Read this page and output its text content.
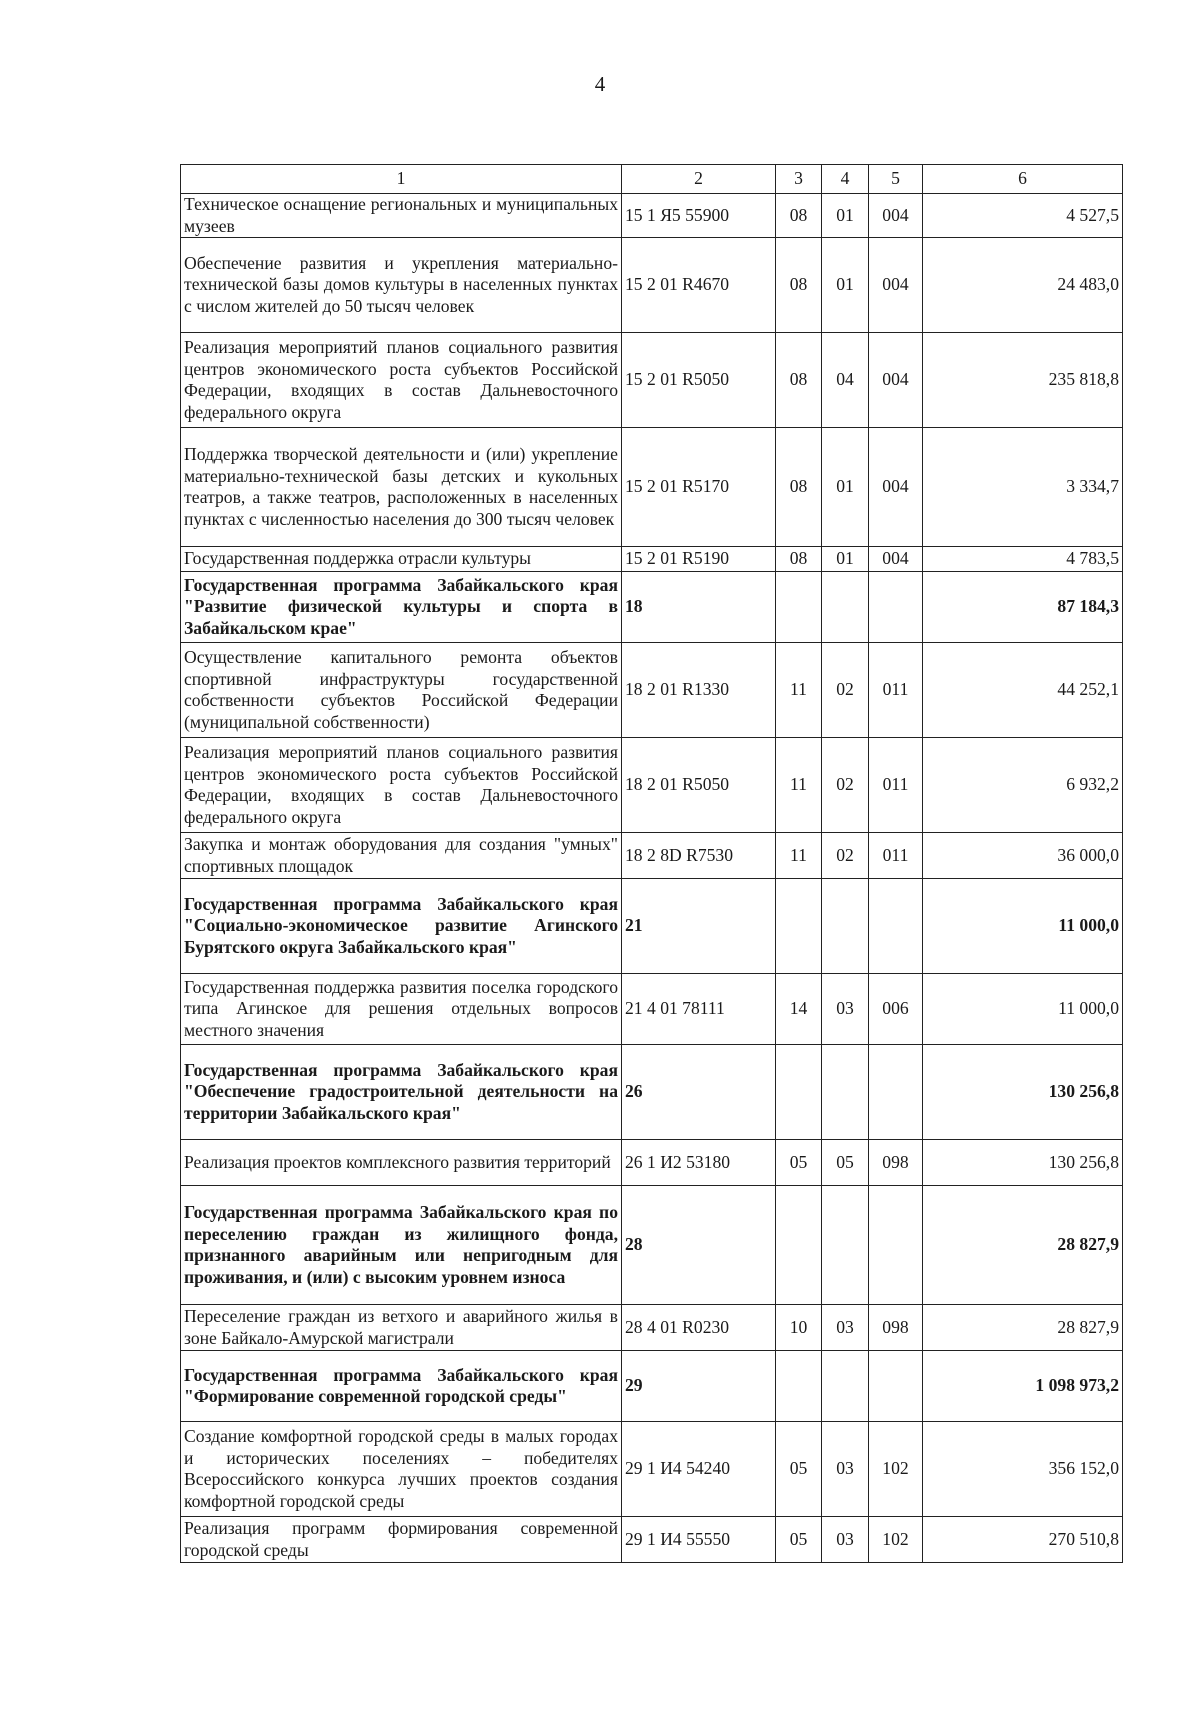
4
1	2	3	4	5	6
Техническое оснащение региональных и муниципальных музеев	15 1 Я5 55900	08	01	004	4 527,5
Обеспечение развития и укрепления материально-технической базы домов культуры в населенных пунктах с числом жителей до 50 тысяч человек	15 2 01 R4670	08	01	004	24 483,0
Реализация мероприятий планов социального развития центров экономического роста субъектов Российской Федерации, входящих в состав Дальневосточного федерального округа	15 2 01 R5050	08	04	004	235 818,8
Поддержка творческой деятельности и (или) укрепление материально-технической базы детских и кукольных театров, а также театров, расположенных в населенных пунктах с численностью населения до 300 тысяч человек	15 2 01 R5170	08	01	004	3 334,7
Государственная поддержка отрасли культуры	15 2 01 R5190	08	01	004	4 783,5
Государственная программа Забайкальского края "Развитие физической культуры и спорта в Забайкальском крае"	18				87 184,3
Осуществление капитального ремонта объектов спортивной инфраструктуры государственной собственности субъектов Российской Федерации (муниципальной собственности)	18 2 01 R1330	11	02	011	44 252,1
Реализация мероприятий планов социального развития центров экономического роста субъектов Российской Федерации, входящих в состав Дальневосточного федерального округа	18 2 01 R5050	11	02	011	6 932,2
Закупка и монтаж оборудования для создания "умных" спортивных площадок	18 2 8D R7530	11	02	011	36 000,0
Государственная программа Забайкальского края "Социально-экономическое развитие Агинского Бурятского округа Забайкальского края"	21				11 000,0
Государственная поддержка развития поселка городского типа Агинское для решения отдельных вопросов местного значения	21 4 01 78111	14	03	006	11 000,0
Государственная программа Забайкальского края "Обеспечение градостроительной деятельности на территории Забайкальского края"	26				130 256,8
Реализация проектов комплексного развития территорий	26 1 И2 53180	05	05	098	130 256,8
Государственная программа Забайкальского края по переселению граждан из жилищного фонда, признанного аварийным или непригодным для проживания, и (или) с высоким уровнем износа	28				28 827,9
Переселение граждан из ветхого и аварийного жилья в зоне Байкало-Амурской магистрали	28 4 01 R0230	10	03	098	28 827,9
Государственная программа Забайкальского края "Формирование современной городской среды"	29				1 098 973,2
Создание комфортной городской среды в малых городах и исторических поселениях – победителях Всероссийского конкурса лучших проектов создания комфортной городской среды	29 1 И4 54240	05	03	102	356 152,0
Реализация программ формирования современной городской среды	29 1 И4 55550	05	03	102	270 510,8
